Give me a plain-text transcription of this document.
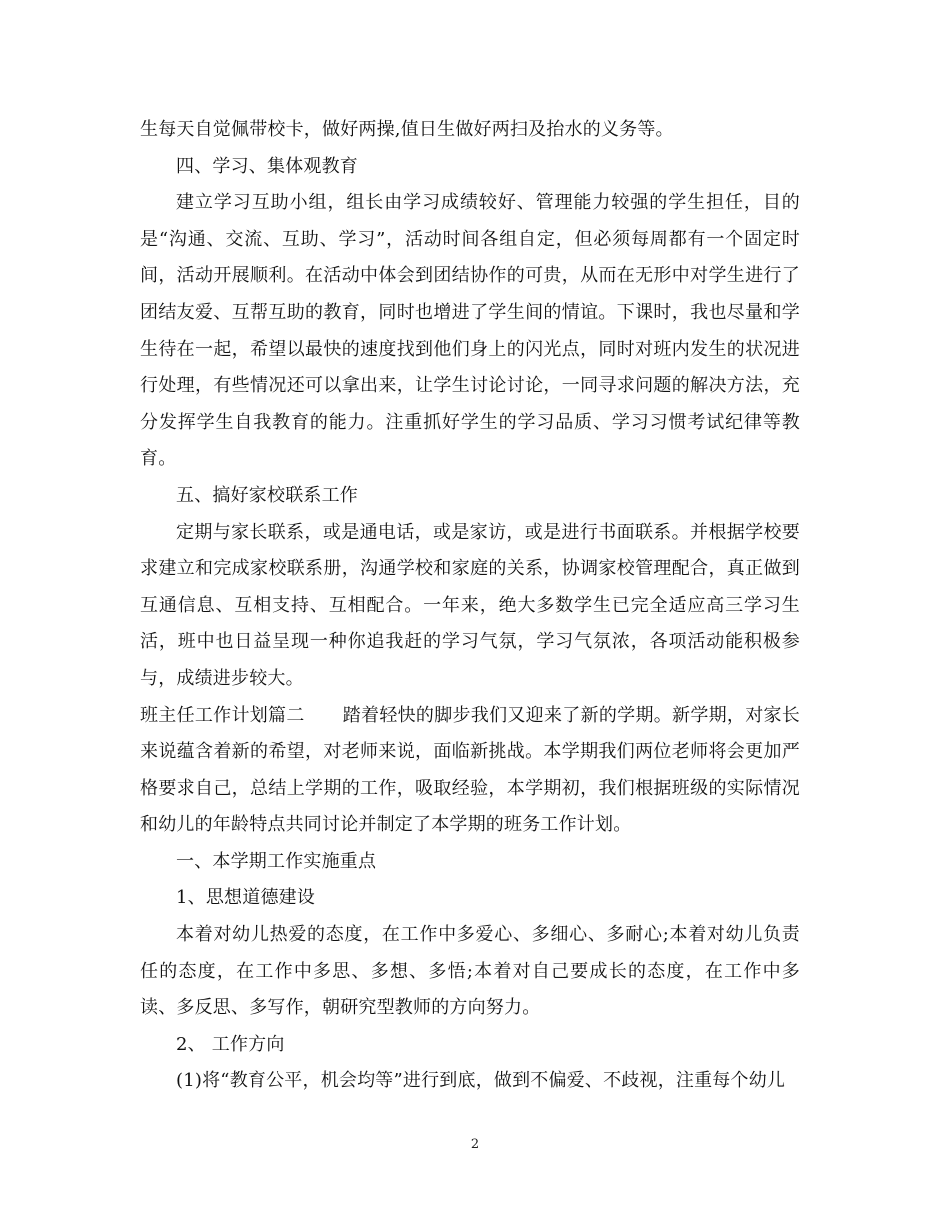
生每天自觉佩带校卡，做好两操,值日生做好两扫及抬水的义务等。

四、学习、集体观教育

建立学习互助小组，组长由学习成绩较好、管理能力较强的学生担任，目的是“沟通、交流、互助、学习”，活动时间各组自定，但必须每周都有一个固定时间，活动开展顺利。在活动中体会到团结协作的可贵，从而在无形中对学生进行了团结友爱、互帮互助的教育，同时也增进了学生间的情谊。下课时，我也尽量和学生待在一起，希望以最快的速度找到他们身上的闪光点，同时对班内发生的状况进行处理，有些情况还可以拿出来，让学生讨论讨论，一同寻求问题的解决方法，充分发挥学生自我教育的能力。注重抓好学生的学习品质、学习习惯考试纪律等教育。

五、搞好家校联系工作

定期与家长联系，或是通电话，或是家访，或是进行书面联系。并根据学校要求建立和完成家校联系册，沟通学校和家庭的关系，协调家校管理配合，真正做到互通信息、互相支持、互相配合。一年来，绝大多数学生已完全适应高三学习生活，班中也日益呈现一种你追我赶的学习气氛，学习气氛浓，各项活动能积极参与，成绩进步较大。

班主任工作计划篇二 踏着轻快的脚步我们又迎来了新的学期。新学期，对家长来说蕴含着新的希望，对老师来说，面临新挑战。本学期我们两位老师将会更加严格要求自己，总结上学期的工作，吸取经验，本学期初，我们根据班级的实际情况和幼儿的年龄特点共同讨论并制定了本学期的班务工作计划。

一、本学期工作实施重点

1、思想道德建设

本着对幼儿热爱的态度，在工作中多爱心、多细心、多耐心;本着对幼儿负责任的态度，在工作中多思、多想、多悟;本着对自己要成长的态度，在工作中多读、多反思、多写作，朝研究型教师的方向努力。

2、 工作方向

(1)将“教育公平，机会均等”进行到底，做到不偏爱、不歧视，注重每个幼儿

2
